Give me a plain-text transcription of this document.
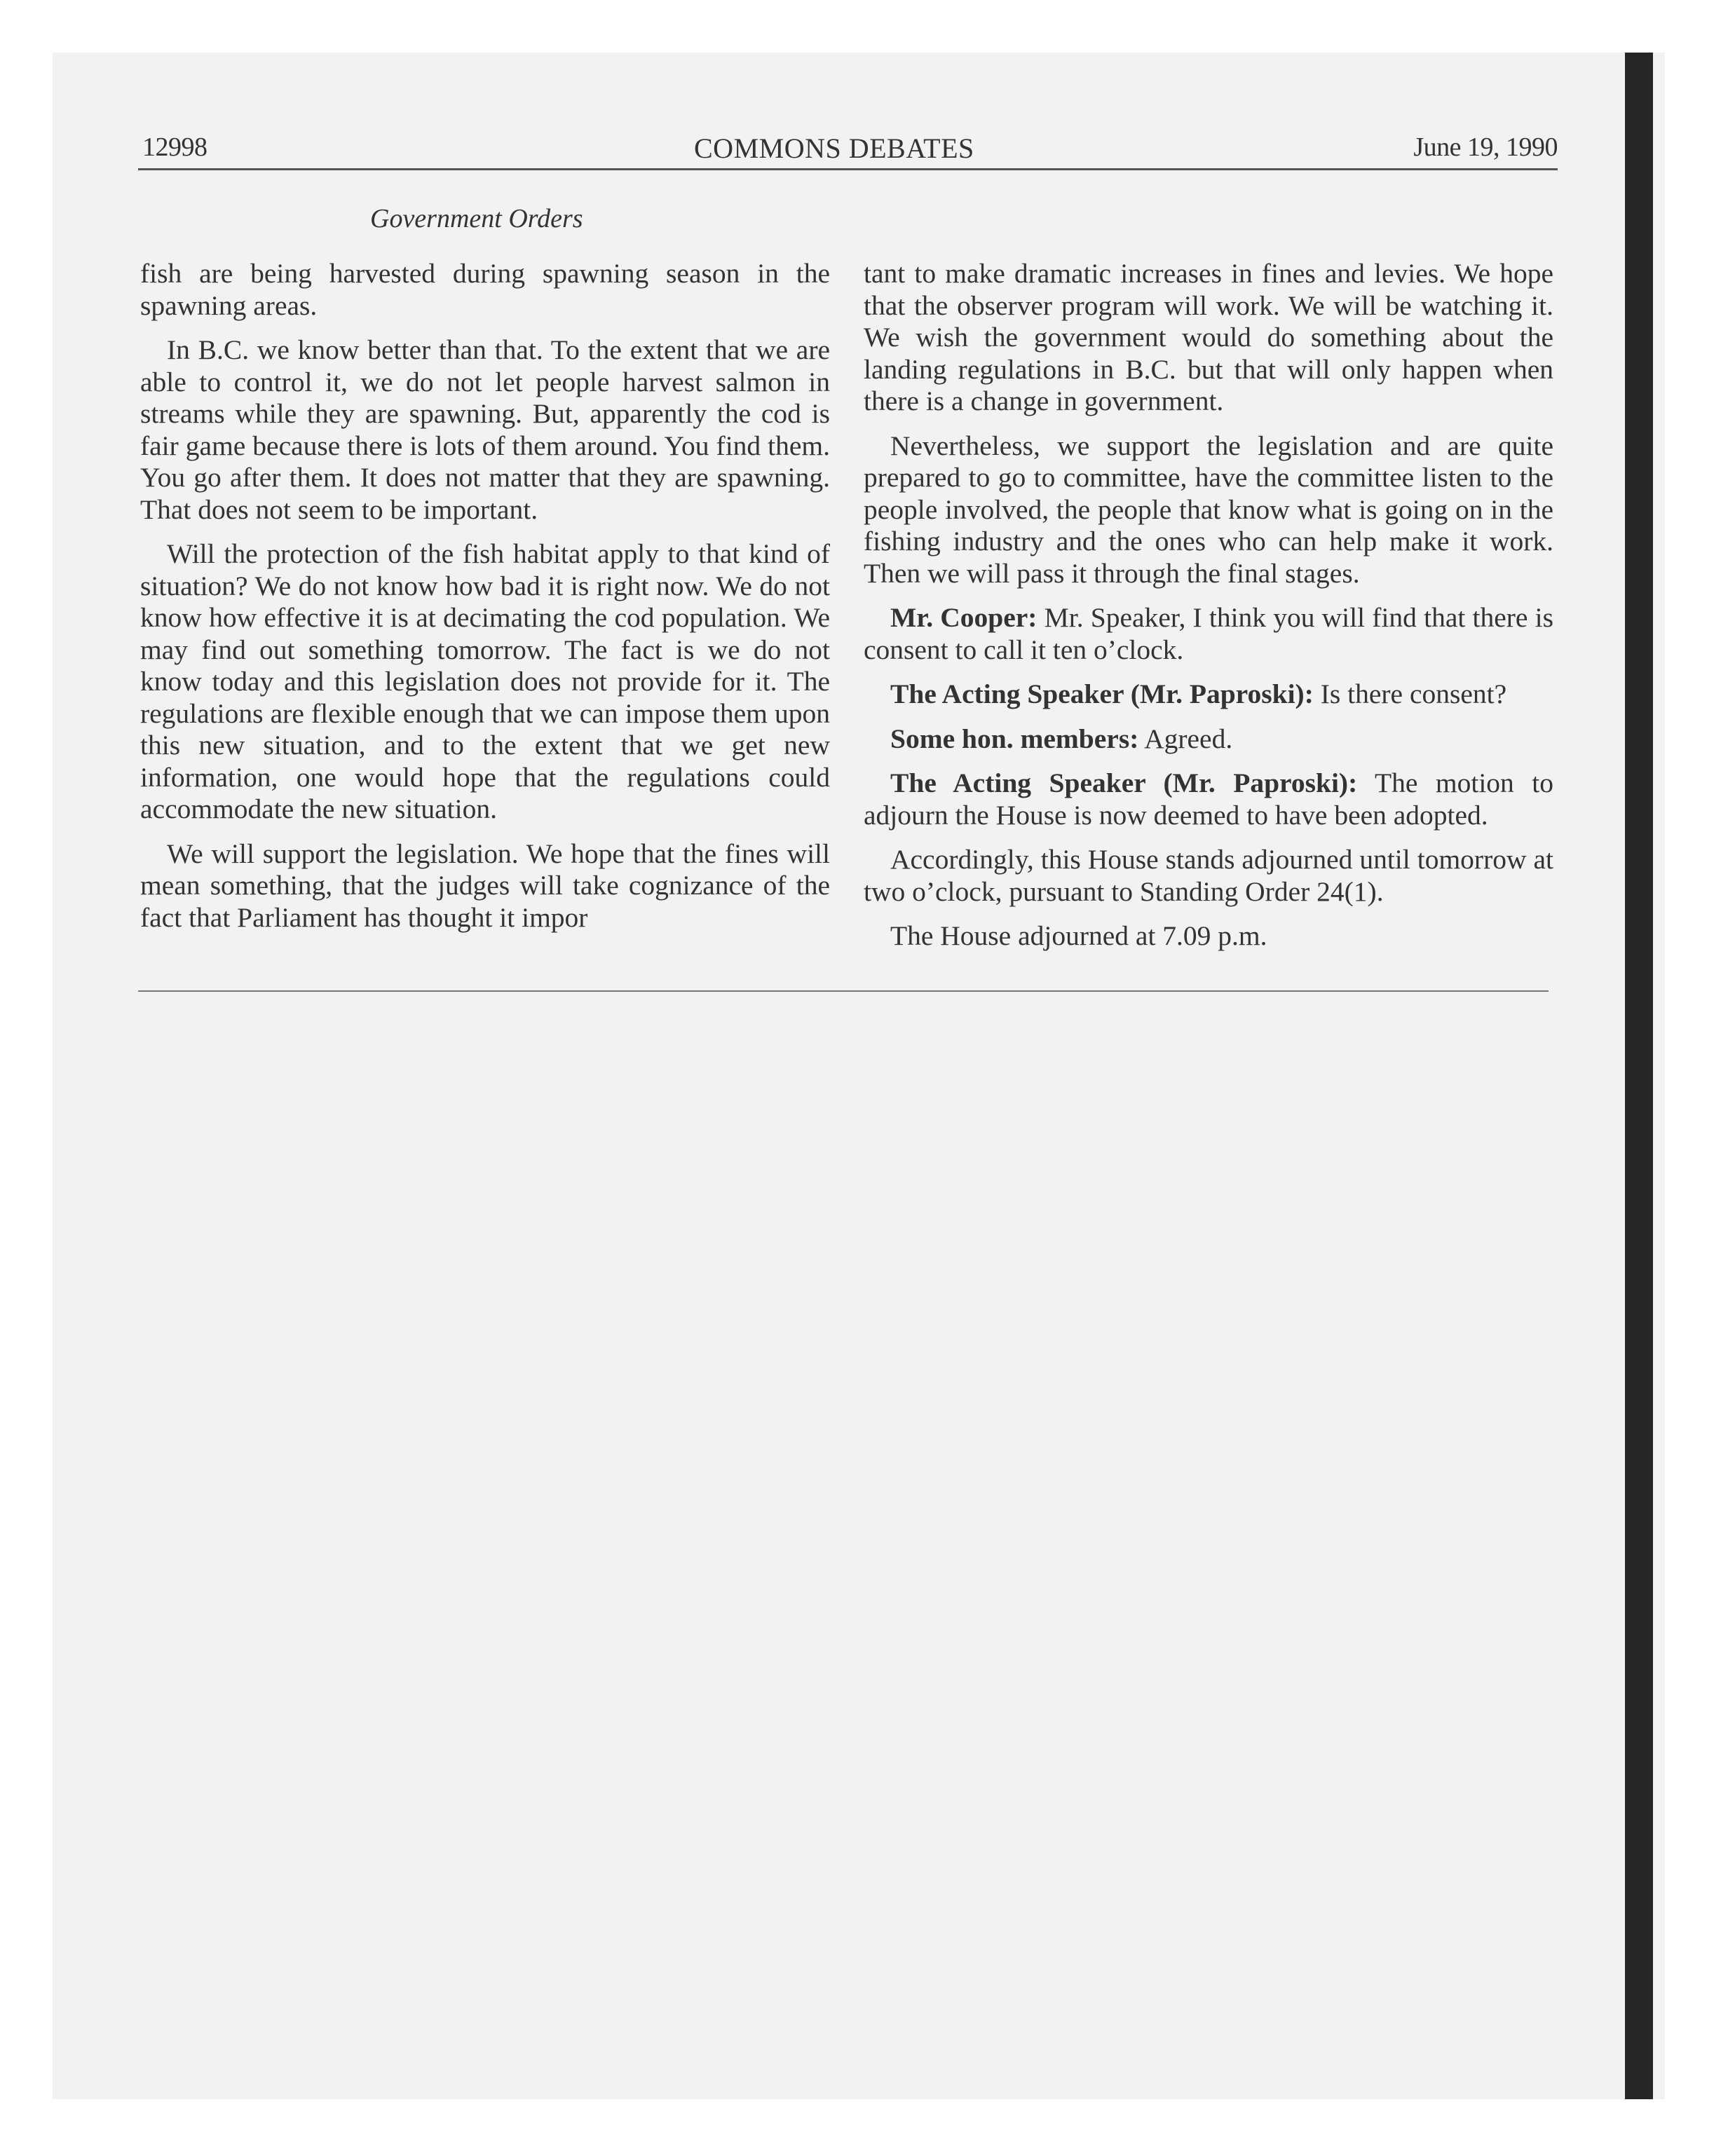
12998	COMMONS DEBATES	June 19, 1990
Government Orders

fish are being harvested during spawning season in the spawning areas.

In B.C. we know better than that. To the extent that we are able to control it, we do not let people harvest salmon in streams while they are spawning. But, apparently the cod is fair game because there is lots of them around. You find them. You go after them. It does not matter that they are spawning. That does not seem to be important.

Will the protection of the fish habitat apply to that kind of situation? We do not know how bad it is right now. We do not know how effective it is at decimating the cod population. We may find out something tomorrow. The fact is we do not know today and this legislation does not provide for it. The regulations are flexible enough that we can impose them upon this new situation, and to the extent that we get new information, one would hope that the regulations could accommodate the new situation.

We will support the legislation. We hope that the fines will mean something, that the judges will take cognizance of the fact that Parliament has thought it impor

tant to make dramatic increases in fines and levies. We hope that the observer program will work. We will be watching it. We wish the government would do something about the landing regulations in B.C. but that will only happen when there is a change in government.

Nevertheless, we support the legislation and are quite prepared to go to committee, have the committee listen to the people involved, the people that know what is going on in the fishing industry and the ones who can help make it work. Then we will pass it through the final stages.

Mr. Cooper: Mr. Speaker, I think you will find that there is consent to call it ten o’clock.

The Acting Speaker (Mr. Paproski): Is there consent?

Some hon. members: Agreed.

The Acting Speaker (Mr. Paproski): The motion to adjourn the House is now deemed to have been adopted.

Accordingly, this House stands adjourned until tomorrow at two o’clock, pursuant to Standing Order 24(1).

The House adjourned at 7.09 p.m.
